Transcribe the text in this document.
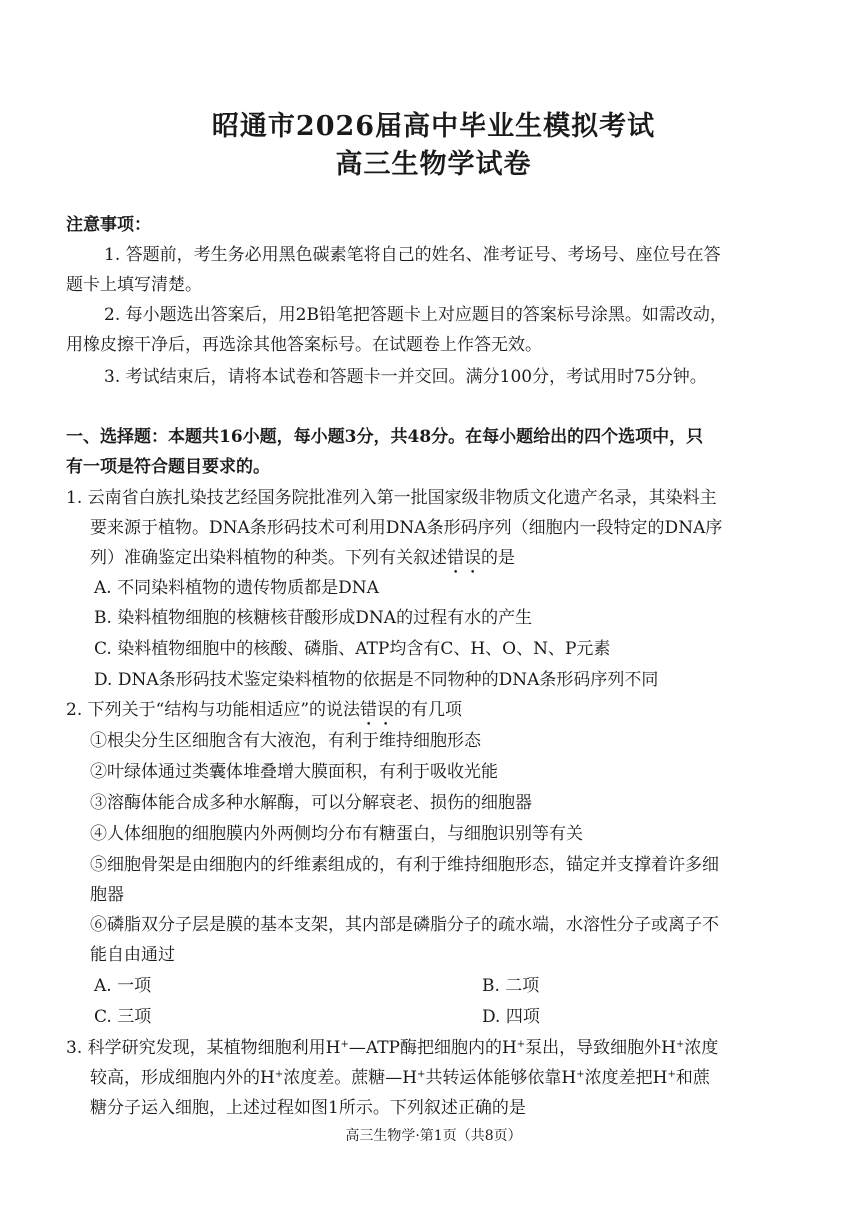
昭通市2026届高中毕业生模拟考试
高三生物学试卷
注意事项：
1. 答题前，考生务必用黑色碳素笔将自己的姓名、准考证号、考场号、座位号在答
题卡上填写清楚。
2. 每小题选出答案后，用2B铅笔把答题卡上对应题目的答案标号涂黑。如需改动，
用橡皮擦干净后，再选涂其他答案标号。在试题卷上作答无效。
3. 考试结束后，请将本试卷和答题卡一并交回。满分100分，考试用时75分钟。
一、选择题：本题共16小题，每小题3分，共48分。在每小题给出的四个选项中，只
有一项是符合题目要求的。
1. 云南省白族扎染技艺经国务院批准列入第一批国家级非物质文化遗产名录，其染料主
要来源于植物。DNA条形码技术可利用DNA条形码序列（细胞内一段特定的DNA序
列）准确鉴定出染料植物的种类。下列有关叙述错误的是
A. 不同染料植物的遗传物质都是DNA
B. 染料植物细胞的核糖核苷酸形成DNA的过程有水的产生
C. 染料植物细胞中的核酸、磷脂、ATP均含有C、H、O、N、P元素
D. DNA条形码技术鉴定染料植物的依据是不同物种的DNA条形码序列不同
2. 下列关于“结构与功能相适应”的说法错误的有几项
①根尖分生区细胞含有大液泡，有利于维持细胞形态
②叶绿体通过类囊体堆叠增大膜面积，有利于吸收光能
③溶酶体能合成多种水解酶，可以分解衰老、损伤的细胞器
④人体细胞的细胞膜内外两侧均分布有糖蛋白，与细胞识别等有关
⑤细胞骨架是由细胞内的纤维素组成的，有利于维持细胞形态，锚定并支撑着许多细
胞器
⑥磷脂双分子层是膜的基本支架，其内部是磷脂分子的疏水端，水溶性分子或离子不
能自由通过
A. 一项	B. 二项
C. 三项	D. 四项
3. 科学研究发现，某植物细胞利用H+—ATP酶把细胞内的H+泵出，导致细胞外H+浓度
较高，形成细胞内外的H+浓度差。蔗糖—H+共转运体能够依靠H+浓度差把H+和蔗
糖分子运入细胞，上述过程如图1所示。下列叙述正确的是
高三生物学·第1页（共8页）
